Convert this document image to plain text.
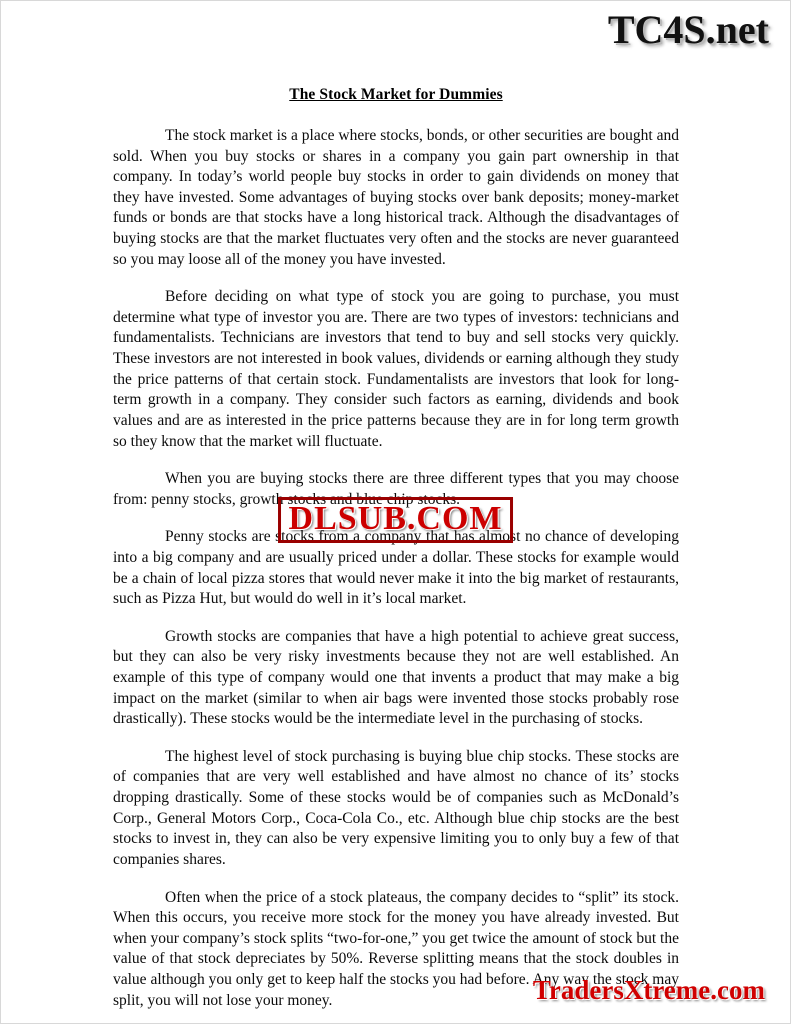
TC4S.net
The Stock Market for Dummies

The stock market is a place where stocks, bonds, or other securities are bought and sold. When you buy stocks or shares in a company you gain part ownership in that company. In today’s world people buy stocks in order to gain dividends on money that they have invested. Some advantages of buying stocks over bank deposits; money-market funds or bonds are that stocks have a long historical track. Although the disadvantages of buying stocks are that the market fluctuates very often and the stocks are never guaranteed so you may loose all of the money you have invested.

Before deciding on what type of stock you are going to purchase, you must determine what type of investor you are. There are two types of investors: technicians and fundamentalists. Technicians are investors that tend to buy and sell stocks very quickly. These investors are not interested in book values, dividends or earning although they study the price patterns of that certain stock. Fundamentalists are investors that look for long-term growth in a company. They consider such factors as earning, dividends and book values and are as interested in the price patterns because they are in for long term growth so they know that the market will fluctuate.

When you are buying stocks there are three different types that you may choose from: penny stocks, growth stocks and blue chip stocks.

Penny stocks are stocks from a company that has almost no chance of developing into a big company and are usually priced under a dollar. These stocks for example would be a chain of local pizza stores that would never make it into the big market of restaurants, such as Pizza Hut, but would do well in it’s local market.

Growth stocks are companies that have a high potential to achieve great success, but they can also be very risky investments because they not are well established. An example of this type of company would one that invents a product that may make a big impact on the market (similar to when air bags were invented those stocks probably rose drastically). These stocks would be the intermediate level in the purchasing of stocks.

The highest level of stock purchasing is buying blue chip stocks. These stocks are of companies that are very well established and have almost no chance of its’ stocks dropping drastically. Some of these stocks would be of companies such as McDonald’s Corp., General Motors Corp., Coca-Cola Co., etc. Although blue chip stocks are the best stocks to invest in, they can also be very expensive limiting you to only buy a few of that companies shares.

Often when the price of a stock plateaus, the company decides to “split” its stock. When this occurs, you receive more stock for the money you have already invested. But when your company’s stock splits “two-for-one,” you get twice the amount of stock but the value of that stock depreciates by 50%. Reverse splitting means that the stock doubles in value although you only get to keep half the stocks you had before. Any way the stock may split, you will not lose your money.

DLSUB.COM
TradersXtreme.com
